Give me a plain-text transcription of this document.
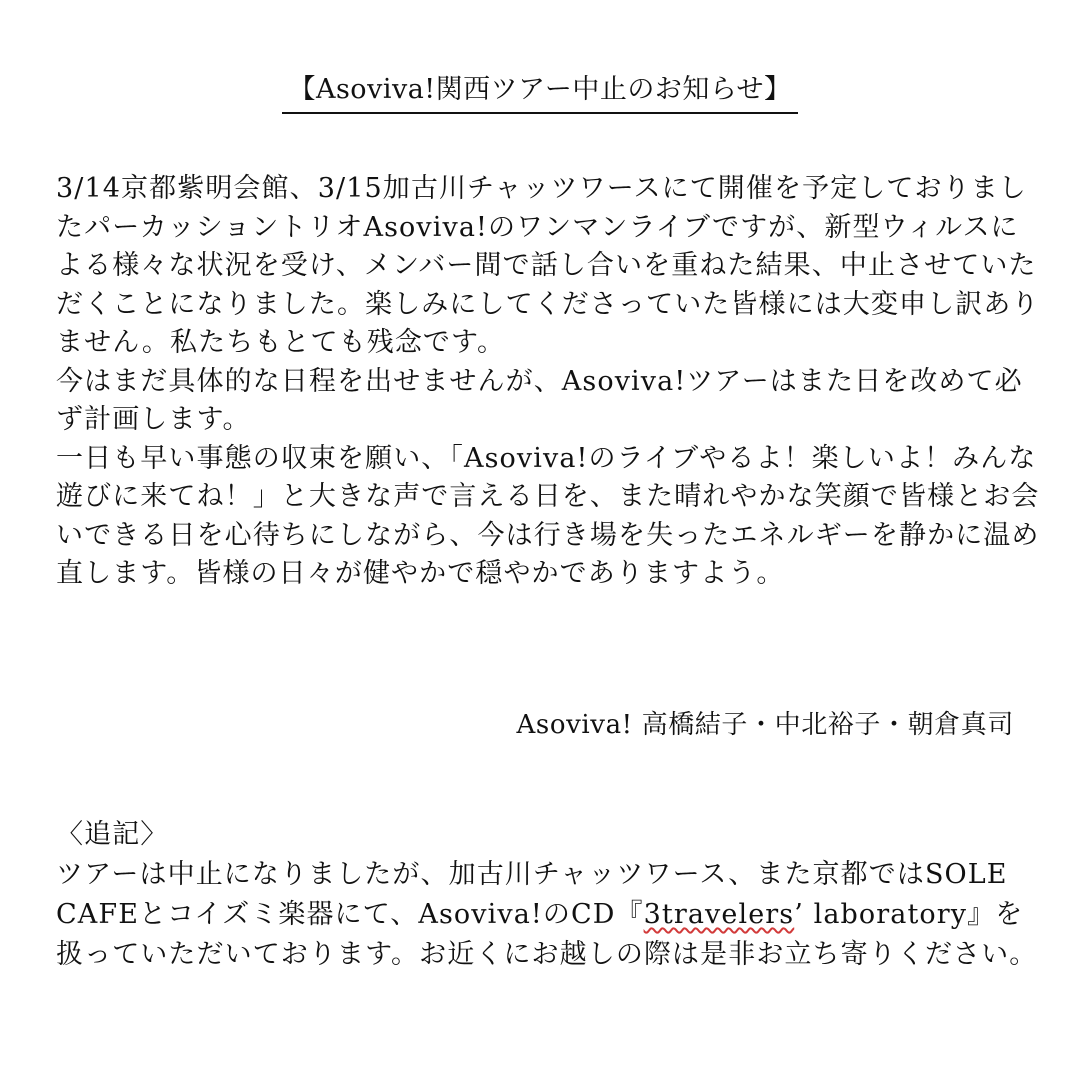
【Asoviva!関西ツアー中止のお知らせ】

3/14京都紫明会館、3/15加古川チャッツワースにて開催を予定しておりましたパーカッショントリオAsoviva!のワンマンライブですが、新型ウィルスによる様々な状況を受け、メンバー間で話し合いを重ねた結果、中止させていただくことになりました。楽しみにしてくださっていた皆様には大変申し訳ありません。私たちもとても残念です。

今はまだ具体的な日程を出せませんが、Asoviva!ツアーはまた日を改めて必ず計画します。

一日も早い事態の収束を願い、「Asoviva!のライブやるよ！楽しいよ！みんな遊びに来てね！」と大きな声で言える日を、また晴れやかな笑顔で皆様とお会いできる日を心待ちにしながら、今は行き場を失ったエネルギーを静かに温め直します。皆様の日々が健やかで穏やかでありますよう。

Asoviva! 高橋結子・中北裕子・朝倉真司

〈追記〉

ツアーは中止になりましたが、加古川チャッツワース、また京都ではSOLE CAFEとコイズミ楽器にて、Asoviva!のCD『3travelers’ laboratory』を扱っていただいております。お近くにお越しの際は是非お立ち寄りください。
